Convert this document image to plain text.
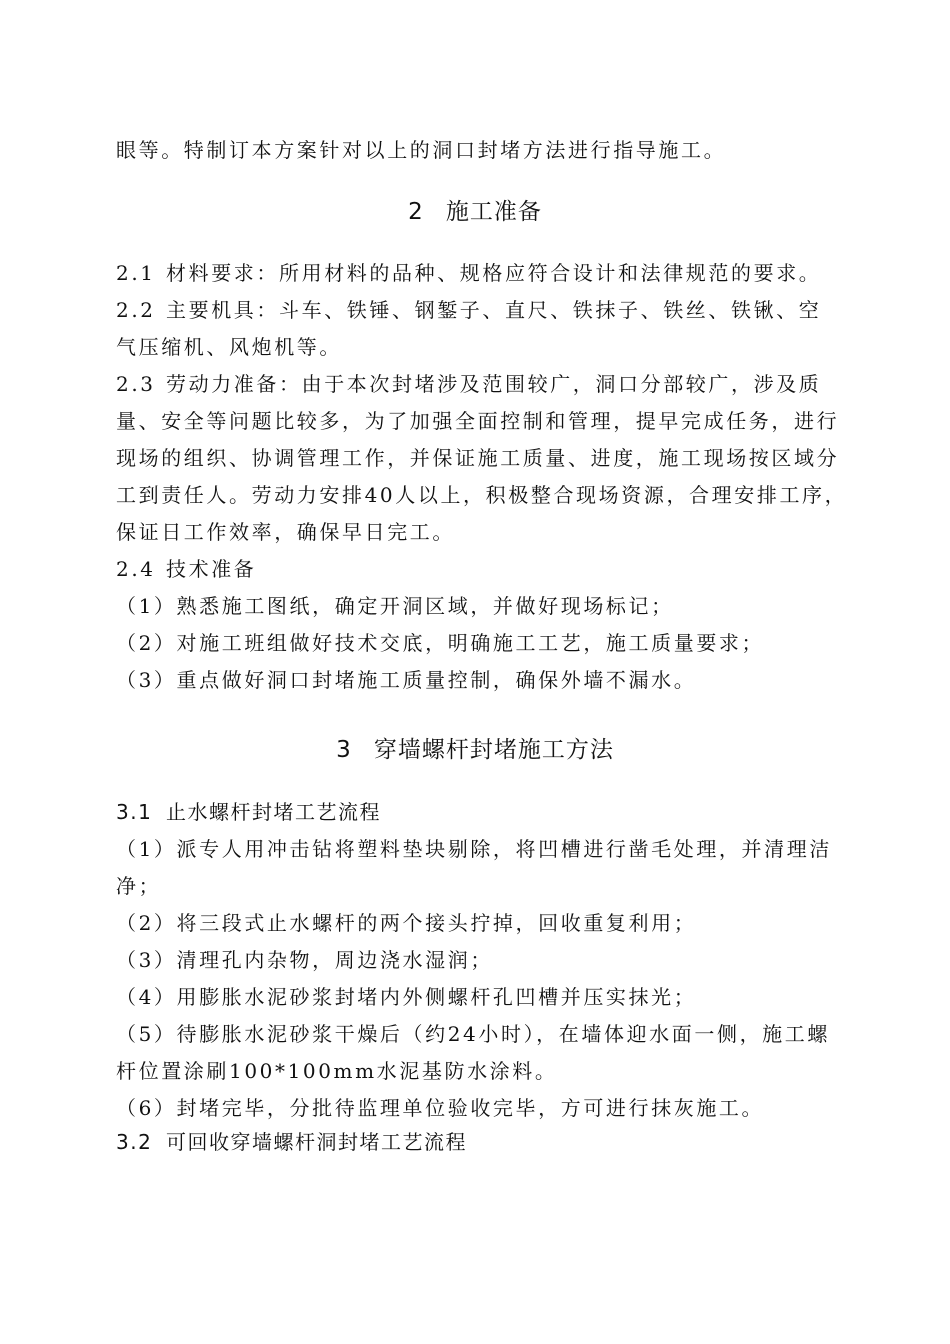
眼等。特制订本方案针对以上的洞口封堵方法进行指导施工。
2 施工准备
2.1 材料要求：所用材料的品种、规格应符合设计和法律规范的要求。
2.2 主要机具：斗车、铁锤、钢錾子、直尺、铁抹子、铁丝、铁锹、空
气压缩机、风炮机等。
2.3 劳动力准备：由于本次封堵涉及范围较广，洞口分部较广，涉及质
量、安全等问题比较多，为了加强全面控制和管理，提早完成任务，进行
现场的组织、协调管理工作，并保证施工质量、进度，施工现场按区域分
工到责任人。劳动力安排40人以上，积极整合现场资源，合理安排工序，
保证日工作效率，确保早日完工。
2.4 技术准备
（1）熟悉施工图纸，确定开洞区域，并做好现场标记；
（2）对施工班组做好技术交底，明确施工工艺，施工质量要求；
（3）重点做好洞口封堵施工质量控制，确保外墙不漏水。
3 穿墙螺杆封堵施工方法
3.1 止水螺杆封堵工艺流程
（1）派专人用冲击钻将塑料垫块剔除，将凹槽进行凿毛处理，并清理洁
净；
（2）将三段式止水螺杆的两个接头拧掉，回收重复利用；
（3）清理孔内杂物，周边浇水湿润；
（4）用膨胀水泥砂浆封堵内外侧螺杆孔凹槽并压实抹光；
（5）待膨胀水泥砂浆干燥后（约24小时），在墙体迎水面一侧，施工螺
杆位置涂刷100*100mm水泥基防水涂料。
（6）封堵完毕，分批待监理单位验收完毕，方可进行抹灰施工。
3.2 可回收穿墙螺杆洞封堵工艺流程
